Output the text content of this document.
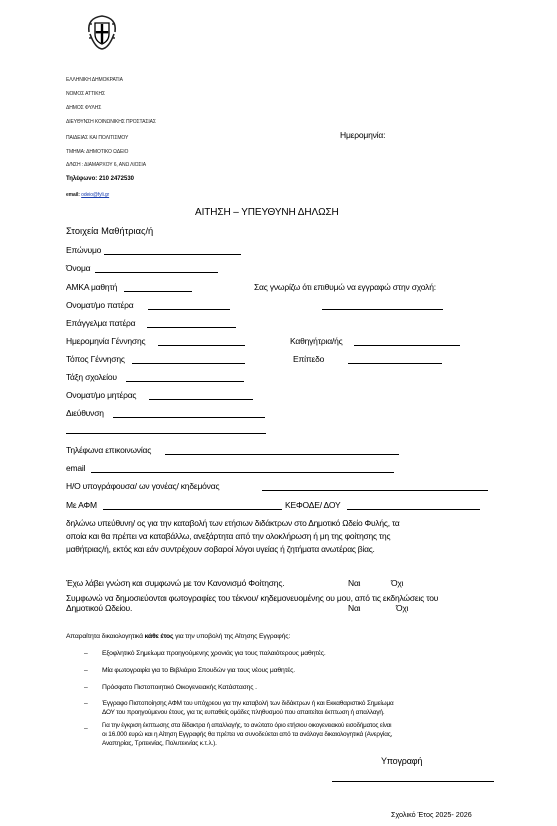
ΕΛΛΗΝΙΚΗ ΔΗΜΟΚΡΑΤΙΑ
ΝΟΜΟΣ ΑΤΤΙΚΗΣ
ΔΗΜΟΣ ΦΥΛΗΣ
ΔΙΕΥΘΥΝΣΗ ΚΟΙΝΩΝΙΚΗΣ ΠΡΟΣΤΑΣΙΑΣ
ΠΑΙΔΕΙΑΣ ΚΑΙ ΠΟΛΙΤΙΣΜΟΥ
ΤΜΗΜΑ: ΔΗΜΟΤΙΚΟ ΩΔΕΙΟ
Δ/ΝΣΗ : ΔΙΑΜΑΡΧΟΥ 6, ΑΝΩ ΛΙΟΣΙΑ
Τηλέφωνο: 210 2472530
email: odeio@fyli.gr
Ημερομηνία:
ΑΙΤΗΣΗ – ΥΠΕΥΘΥΝΗ ΔΗΛΩΣΗ
Στοιχεία Μαθήτριας/ή
Επώνυμο
Όνομα
ΑΜΚΑ μαθητή	Σας γνωρίζω ότι επιθυμώ να εγγραφώ στην σχολή:
Ονοματ/μο πατέρα
Επάγγελμα πατέρα
Ημερομηνία Γέννησης	Καθηγήτρια/ής
Τόπος Γέννησης	Επίπεδο
Τάξη σχολείου
Ονοματ/μο μητέρας
Διεύθυνση
Τηλέφωνα επικοινωνίας
email
Η/Ο υπογράφουσα/ ων γονέας/ κηδεμόνας
Με ΑΦΜ	ΚΕΦΟΔΕ/ ΔΟΥ
δηλώνω υπεύθυνη/ ος για την καταβολή των ετήσιων διδάκτρων στο Δημοτικό Ωδείο Φυλής, τα
οποία και θα πρέπει να καταβάλλω, ανεξάρτητα από την ολοκλήρωση ή μη της φοίτησης της
μαθήτριας/ή, εκτός και εάν συντρέχουν σοβαροί λόγοι υγείας ή ζητήματα ανωτέρας βίας.
Έχω λάβει γνώση και συμφωνώ με τον Κανονισμό Φοίτησης.	Ναι	Όχι
Συμφωνώ να δημοσιεύονται φωτογραφίες του τέκνου/ κηδεμονευομένης ου μου, από τις εκδηλώσεις του
Δημοτικού Ωδείου.	Ναι	Όχι
Απαραίτητα δικαιολογητικά κάθε έτος για την υποβολή της Αίτησης Εγγραφής:
– Εξοφλητικό Σημείωμα προηγούμενης χρονιάς για τους παλαιότερους μαθητές.
– Μία φωτογραφία για το Βιβλιάριο Σπουδών για τους νέους μαθητές.
– Πρόσφατο Πιστοποιητικό Οικογενειακής Κατάστασης .
– Έγγραφο Πιστοποίησης ΑΦΜ του υπόχρεου για την καταβολή των διδάκτρων ή και Εκκαθαριστικό Σημείωμα
ΔΟΥ του προηγούμενου έτους, για τις ευπαθείς ομάδες πληθυσμού που απαιτείται έκπτωση ή απαλλαγή.
– Για την έγκριση έκπτωσης στα δίδακτρα ή απαλλαγής, το ανώτατο όριο ετήσιου οικογενειακού εισοδήματος είναι
οι 16.000 ευρώ και η Αίτηση Εγγραφής θα πρέπει να συνοδεύεται από τα ανάλογα δικαιολογητικά (Ανεργίας,
Αναπηρίας, Τριτεκνίας, Πολυτεκνίας κ.τ.λ.).
Υπογραφή
Σχολικό Έτος 2025- 2026
